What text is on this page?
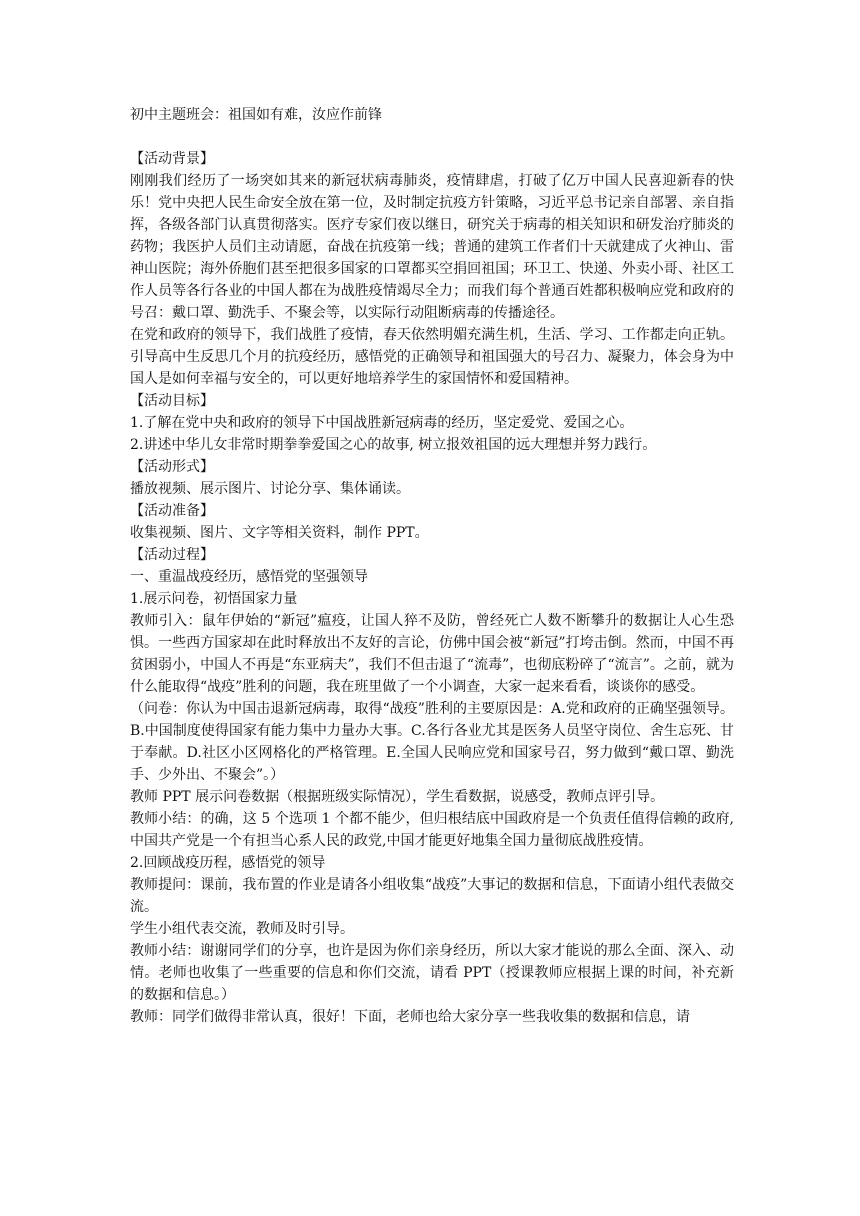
初中主题班会：祖国如有难，汝应作前锋

【活动背景】

刚刚我们经历了一场突如其来的新冠状病毒肺炎，疫情肆虐，打破了亿万中国人民喜迎新春的快乐！党中央把人民生命安全放在第一位，及时制定抗疫方针策略，习近平总书记亲自部署、亲自指挥，各级各部门认真贯彻落实。医疗专家们夜以继日，研究关于病毒的相关知识和研发治疗肺炎的药物；我医护人员们主动请愿，奋战在抗疫第一线；普通的建筑工作者们十天就建成了火神山、雷神山医院；海外侨胞们甚至把很多国家的口罩都买空捐回祖国；环卫工、快递、外卖小哥、社区工作人员等各行各业的中国人都在为战胜疫情竭尽全力；而我们每个普通百姓都积极响应党和政府的号召：戴口罩、勤洗手、不聚会等，以实际行动阻断病毒的传播途径。

在党和政府的领导下，我们战胜了疫情，春天依然明媚充满生机，生活、学习、工作都走向正轨。引导高中生反思几个月的抗疫经历，感悟党的正确领导和祖国强大的号召力、凝聚力，体会身为中国人是如何幸福与安全的，可以更好地培养学生的家国情怀和爱国精神。

【活动目标】

1.了解在党中央和政府的领导下中国战胜新冠病毒的经历，坚定爱党、爱国之心。

2.讲述中华儿女非常时期拳拳爱国之心的故事, 树立报效祖国的远大理想并努力践行。

【活动形式】

播放视频、展示图片、讨论分享、集体诵读。

【活动准备】

收集视频、图片、文字等相关资料，制作 PPT。

【活动过程】

一、重温战疫经历，感悟党的坚强领导

1.展示问卷，初悟国家力量

教师引入：鼠年伊始的“新冠”瘟疫，让国人猝不及防，曾经死亡人数不断攀升的数据让人心生恐惧。一些西方国家却在此时释放出不友好的言论，仿佛中国会被“新冠”打垮击倒。然而，中国不再贫困弱小，中国人不再是“东亚病夫”，我们不但击退了“流毒”，也彻底粉碎了“流言”。之前，就为什么能取得“战疫”胜利的问题，我在班里做了一个小调查，大家一起来看看，谈谈你的感受。

（问卷：你认为中国击退新冠病毒，取得“战疫”胜利的主要原因是：A.党和政府的正确坚强领导。B.中国制度使得国家有能力集中力量办大事。C.各行各业尤其是医务人员坚守岗位、舍生忘死、甘于奉献。D.社区小区网格化的严格管理。E.全国人民响应党和国家号召，努力做到“戴口罩、勤洗手、少外出、不聚会”。）

教师 PPT 展示问卷数据（根据班级实际情况），学生看数据，说感受，教师点评引导。

教师小结：的确，这 5 个选项 1 个都不能少，但归根结底中国政府是一个负责任值得信赖的政府,中国共产党是一个有担当心系人民的政党,中国才能更好地集全国力量彻底战胜疫情。

2.回顾战疫历程，感悟党的领导

教师提问：课前，我布置的作业是请各小组收集“战疫”大事记的数据和信息，下面请小组代表做交流。

学生小组代表交流，教师及时引导。

教师小结：谢谢同学们的分享，也许是因为你们亲身经历，所以大家才能说的那么全面、深入、动情。老师也收集了一些重要的信息和你们交流，请看 PPT（授课教师应根据上课的时间，补充新的数据和信息。）

教师：同学们做得非常认真，很好！下面，老师也给大家分享一些我收集的数据和信息，请
